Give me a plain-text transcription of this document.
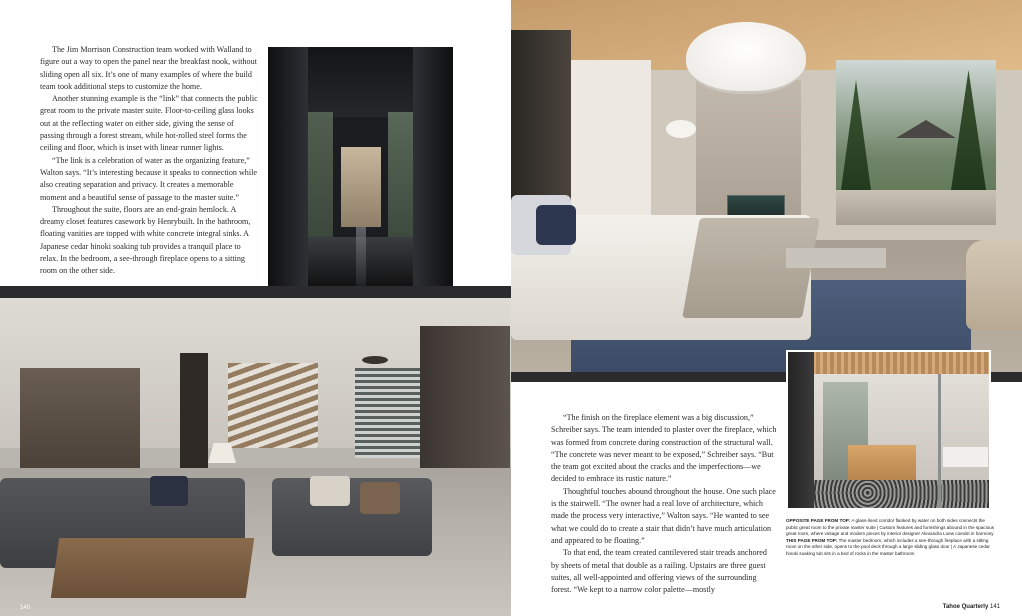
The Jim Morrison Construction team worked with Walland to figure out a way to open the panel near the breakfast nook, without sliding open all six. It’s one of many examples of where the build team took additional steps to customize the home.

Another stunning example is the “link” that connects the public great room to the private master suite. Floor-to-ceiling glass looks out at the reflecting water on either side, giving the sense of passing through a forest stream, while hot-rolled steel forms the ceiling and floor, which is inset with linear runner lights.

“The link is a celebration of water as the organizing feature,” Walton says. “It’s interesting because it speaks to connection while also creating separation and privacy. It creates a memorable moment and a beautiful sense of passage to the master suite.”

Throughout the suite, floors are an end-grain hemlock. A dreamy closet features casework by Henrybuilt. In the bathroom, floating vanities are topped with white concrete integral sinks. A Japanese cedar hinoki soaking tub provides a tranquil place to relax. In the bedroom, a see-through fireplace opens to a sitting room on the other side.

140

“The finish on the fireplace element was a big discussion,” Schreiber says. The team intended to plaster over the fireplace, which was formed from concrete during construction of the structural wall. “The concrete was never meant to be exposed,” Schreiber says. “But the team got excited about the cracks and the imperfections—we decided to embrace its rustic nature.”

Thoughtful touches abound throughout the house. One such place is the stairwell. “The owner had a real love of architecture, which made the process very interactive,” Walton says. “He wanted to see what we could do to create a stair that didn’t have much articulation and appeared to be floating.”

To that end, the team created cantilevered stair treads anchored by sheets of metal that double as a railing. Upstairs are three guest suites, all well-appointed and offering views of the surrounding forest. “We kept to a narrow color palette—mostly

OPPOSITE PAGE FROM TOP: A glass-lined corridor flanked by water on both sides connects the public great room to the private master suite | Custom features and furnishings abound in the spacious great room, where vintage and modern pieces by interior designer Alexandra Loew coexist in harmony THIS PAGE FROM TOP: The master bedroom, which includes a see-through fireplace with a sitting room on the other side, opens to the pool deck through a large sliding glass door | A Japanese cedar hinoki soaking tub sits in a bed of rocks in the master bathroom
Tahoe Quarterly 141
